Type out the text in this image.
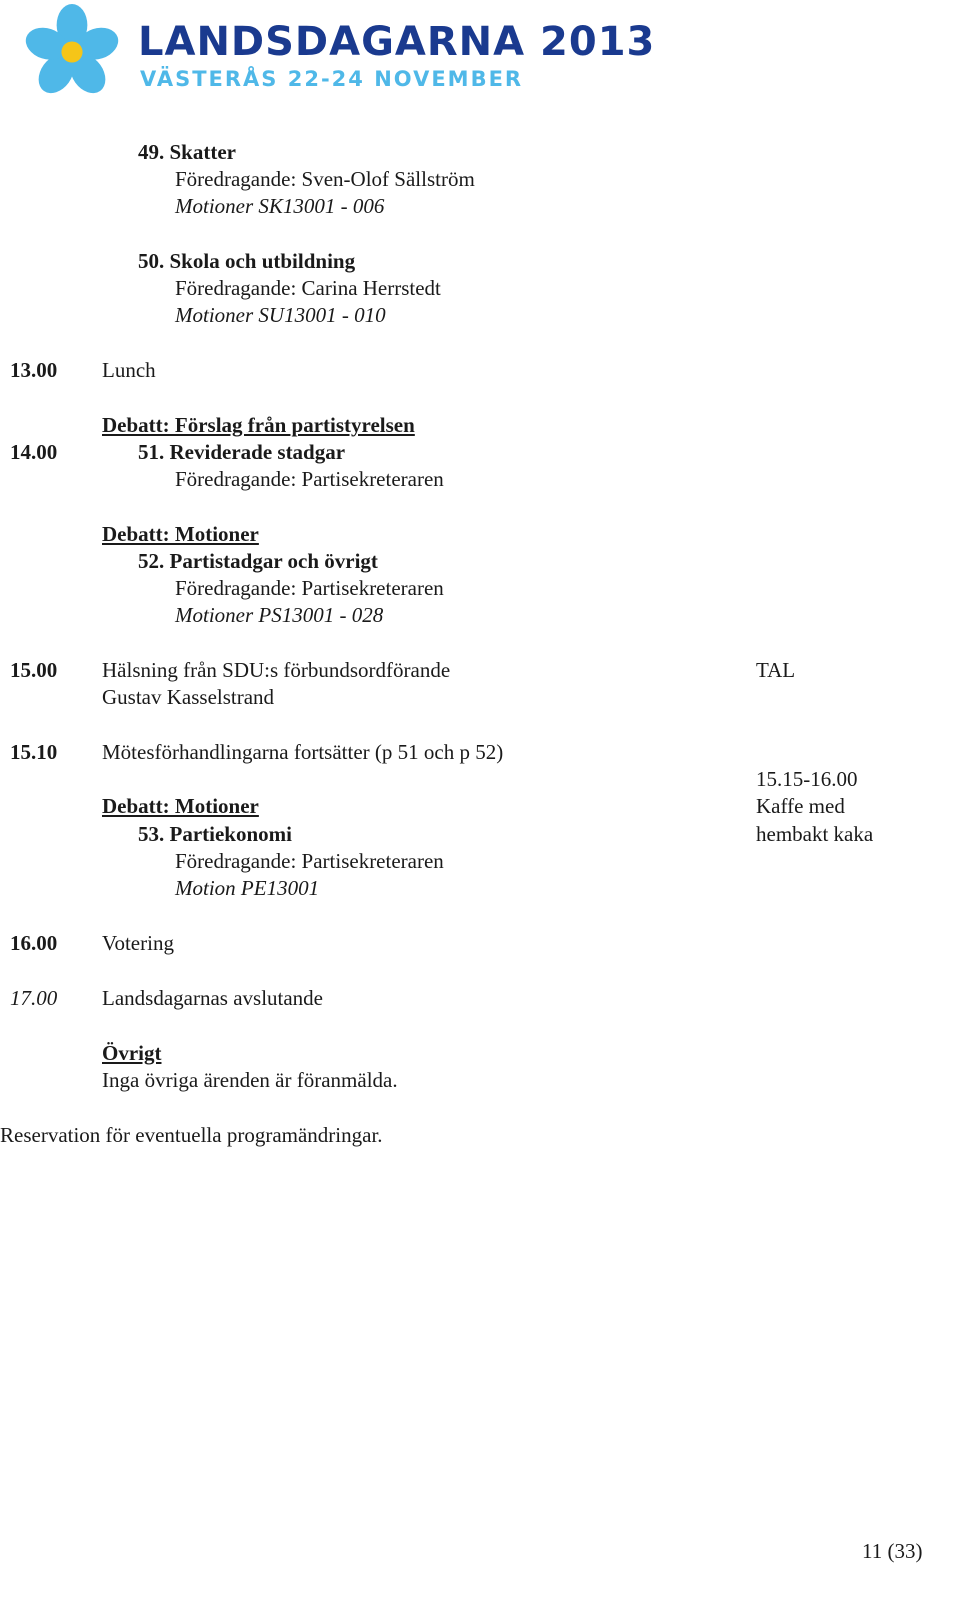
LANDSDAGARNA 2013
VÄSTERÅS 22-24 NOVEMBER
49. Skatter
Föredragande: Sven-Olof Sällström
Motioner SK13001 - 006
50. Skola och utbildning
Föredragande: Carina Herrstedt
Motioner SU13001 - 010
13.00 Lunch
Debatt: Förslag från partistyrelsen
14.00	51. Reviderade stadgar
Föredragande: Partisekreteraren
Debatt: Motioner
52. Partistadgar och övrigt
Föredragande: Partisekreteraren
Motioner PS13001 - 028
15.00 Hälsning från SDU:s förbundsordförande	TAL
Gustav Kasselstrand
15.10 Mötesförhandlingarna fortsätter (p 51 och p 52)
15.15-16.00
Kaffe med
hembakt kaka
Debatt: Motioner
53. Partiekonomi
Föredragande: Partisekreteraren
Motion PE13001
16.00 Votering
17.00 Landsdagarnas avslutande
Övrigt
Inga övriga ärenden är föranmälda.
Reservation för eventuella programändringar.
11 (33)
